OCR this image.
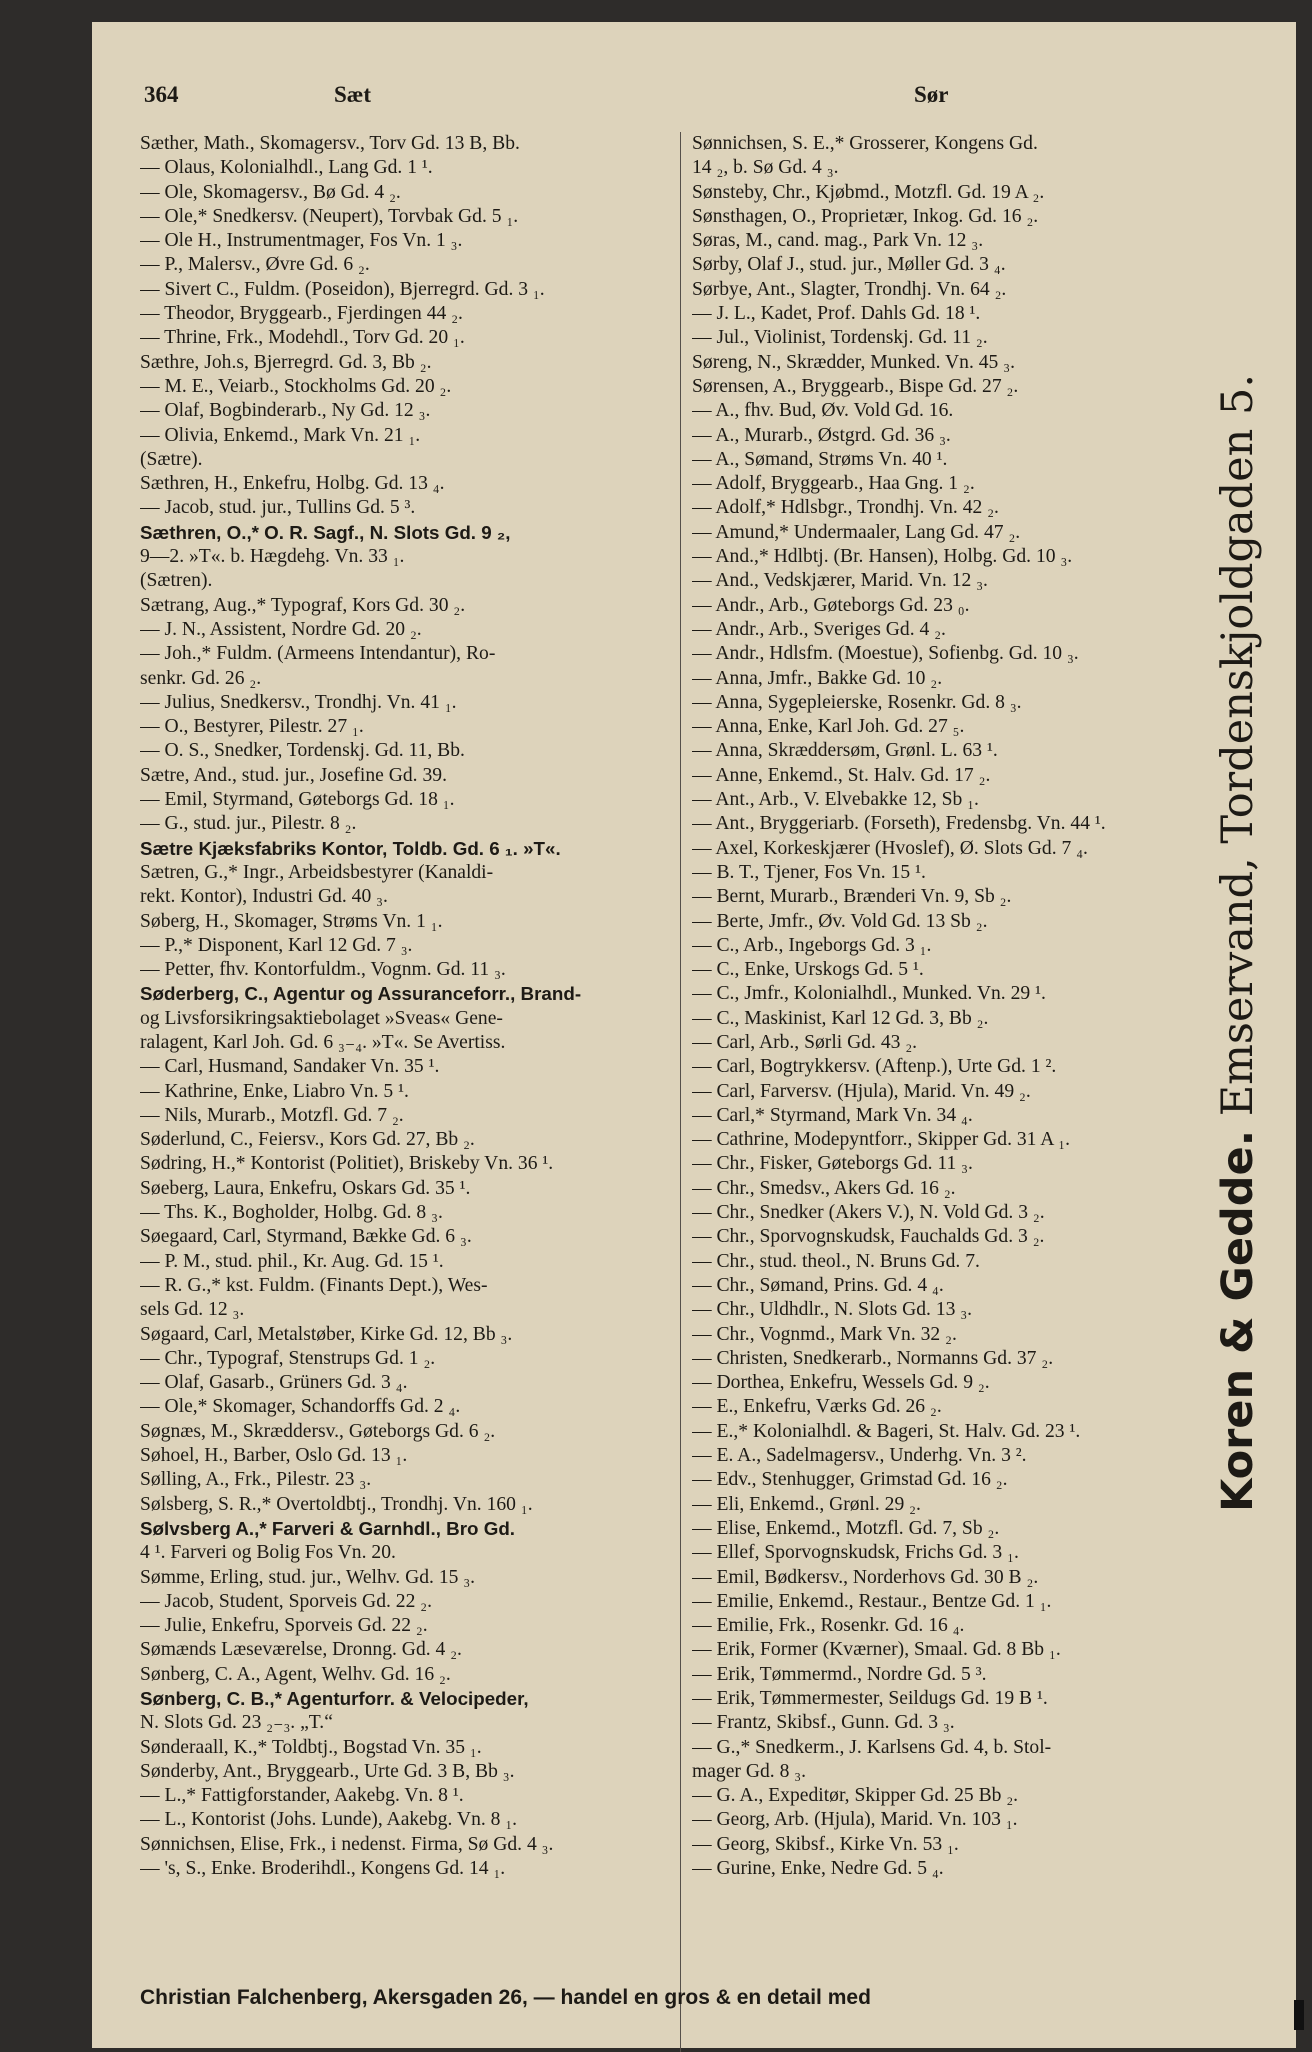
364	Sæt	Sør
Sæther, Math., Skomagersv., Torv Gd. 13 B, Bb.
— Olaus, Kolonialhdl., Lang Gd. 1 ¹.
— Ole, Skomagersv., Bø Gd. 4 ₂.
— Ole,* Snedkersv. (Neupert), Torvbak Gd. 5 ₁.
— Ole H., Instrumentmager, Fos Vn. 1 ₃.
— P., Malersv., Øvre Gd. 6 ₂.
— Sivert C., Fuldm. (Poseidon), Bjerregrd. Gd. 3 ₁.
— Theodor, Bryggearb., Fjerdingen 44 ₂.
— Thrine, Frk., Modehdl., Torv Gd. 20 ₁.
Sæthre, Joh.s, Bjerregrd. Gd. 3, Bb ₂.
— M. E., Veiarb., Stockholms Gd. 20 ₂.
— Olaf, Bogbinderarb., Ny Gd. 12 ₃.
— Olivia, Enkemd., Mark Vn. 21 ₁.
(Sætre).
Sæthren, H., Enkefru, Holbg. Gd. 13 ₄.
— Jacob, stud. jur., Tullins Gd. 5 ³.
Sæthren, O.,* O. R. Sagf., N. Slots Gd. 9 ₂,
9—2. »T«. b. Hægdehg. Vn. 33 ₁.
(Sætren).
Sætrang, Aug.,* Typograf, Kors Gd. 30 ₂.
— J. N., Assistent, Nordre Gd. 20 ₂.
— Joh.,* Fuldm. (Armeens Intendantur), Ro-
senkr. Gd. 26 ₂.
— Julius, Snedkersv., Trondhj. Vn. 41 ₁.
— O., Bestyrer, Pilestr. 27 ₁.
— O. S., Snedker, Tordenskj. Gd. 11, Bb.
Sætre, And., stud. jur., Josefine Gd. 39.
— Emil, Styrmand, Gøteborgs Gd. 18 ₁.
— G., stud. jur., Pilestr. 8 ₂.
Sætre Kjæksfabriks Kontor, Toldb. Gd. 6 ₁. »T«.
Sætren, G.,* Ingr., Arbeidsbestyrer (Kanaldi-
rekt. Kontor), Industri Gd. 40 ₃.
Søberg, H., Skomager, Strøms Vn. 1 ₁.
— P.,* Disponent, Karl 12 Gd. 7 ₃.
— Petter, fhv. Kontorfuldm., Vognm. Gd. 11 ₃.
Søderberg, C., Agentur og Assuranceforr., Brand-
og Livsforsikringsaktiebolaget »Sveas« Gene-
ralagent, Karl Joh. Gd. 6 ₃₋₄. »T«. Se Avertiss.
— Carl, Husmand, Sandaker Vn. 35 ¹.
— Kathrine, Enke, Liabro Vn. 5 ¹.
— Nils, Murarb., Motzfl. Gd. 7 ₂.
Søderlund, C., Feiersv., Kors Gd. 27, Bb ₂.
Sødring, H.,* Kontorist (Politiet), Briskeby Vn. 36 ¹.
Søeberg, Laura, Enkefru, Oskars Gd. 35 ¹.
— Ths. K., Bogholder, Holbg. Gd. 8 ₃.
Søegaard, Carl, Styrmand, Bække Gd. 6 ₃.
— P. M., stud. phil., Kr. Aug. Gd. 15 ¹.
— R. G.,* kst. Fuldm. (Finants Dept.), Wes-
sels Gd. 12 ₃.
Søgaard, Carl, Metalstøber, Kirke Gd. 12, Bb ₃.
— Chr., Typograf, Stenstrups Gd. 1 ₂.
— Olaf, Gasarb., Grüners Gd. 3 ₄.
— Ole,* Skomager, Schandorffs Gd. 2 ₄.
Søgnæs, M., Skræddersv., Gøteborgs Gd. 6 ₂.
Søhoel, H., Barber, Oslo Gd. 13 ₁.
Sølling, A., Frk., Pilestr. 23 ₃.
Sølsberg, S. R.,* Overtoldbtj., Trondhj. Vn. 160 ₁.
Sølvsberg A.,* Farveri & Garnhdl., Bro Gd.
4 ¹. Farveri og Bolig Fos Vn. 20.
Sømme, Erling, stud. jur., Welhv. Gd. 15 ₃.
— Jacob, Student, Sporveis Gd. 22 ₂.
— Julie, Enkefru, Sporveis Gd. 22 ₂.
Sømænds Læseværelse, Dronng. Gd. 4 ₂.
Sønberg, C. A., Agent, Welhv. Gd. 16 ₂.
Sønberg, C. B.,* Agenturforr. & Velocipeder,
N. Slots Gd. 23 ₂₋₃. „T.“
Sønderaall, K.,* Toldbtj., Bogstad Vn. 35 ₁.
Sønderby, Ant., Bryggearb., Urte Gd. 3 B, Bb ₃.
— L.,* Fattigforstander, Aakebg. Vn. 8 ¹.
— L., Kontorist (Johs. Lunde), Aakebg. Vn. 8 ₁.
Sønnichsen, Elise, Frk., i nedenst. Firma, Sø Gd. 4 ₃.
— 's, S., Enke. Broderihdl., Kongens Gd. 14 ₁.
Sønnichsen, S. E.,* Grosserer, Kongens Gd.
14 ₂, b. Sø Gd. 4 ₃.
Sønsteby, Chr., Kjøbmd., Motzfl. Gd. 19 A ₂.
Sønsthagen, O., Proprietær, Inkog. Gd. 16 ₂.
Søras, M., cand. mag., Park Vn. 12 ₃.
Sørby, Olaf J., stud. jur., Møller Gd. 3 ₄.
Sørbye, Ant., Slagter, Trondhj. Vn. 64 ₂.
— J. L., Kadet, Prof. Dahls Gd. 18 ¹.
— Jul., Violinist, Tordenskj. Gd. 11 ₂.
Søreng, N., Skrædder, Munked. Vn. 45 ₃.
Sørensen, A., Bryggearb., Bispe Gd. 27 ₂.
— A., fhv. Bud, Øv. Vold Gd. 16.
— A., Murarb., Østgrd. Gd. 36 ₃.
— A., Sømand, Strøms Vn. 40 ¹.
— Adolf, Bryggearb., Haa Gng. 1 ₂.
— Adolf,* Hdlsbgr., Trondhj. Vn. 42 ₂.
— Amund,* Undermaaler, Lang Gd. 47 ₂.
— And.,* Hdlbtj. (Br. Hansen), Holbg. Gd. 10 ₃.
— And., Vedskjærer, Marid. Vn. 12 ₃.
— Andr., Arb., Gøteborgs Gd. 23 ₀.
— Andr., Arb., Sveriges Gd. 4 ₂.
— Andr., Hdlsfm. (Moestue), Sofienbg. Gd. 10 ₃.
— Anna, Jmfr., Bakke Gd. 10 ₂.
— Anna, Sygepleierske, Rosenkr. Gd. 8 ₃.
— Anna, Enke, Karl Joh. Gd. 27 ₅.
— Anna, Skræddersøm, Grønl. L. 63 ¹.
— Anne, Enkemd., St. Halv. Gd. 17 ₂.
— Ant., Arb., V. Elvebakke 12, Sb ₁.
— Ant., Bryggeriarb. (Forseth), Fredensbg. Vn. 44 ¹.
— Axel, Korkeskjærer (Hvoslef), Ø. Slots Gd. 7 ₄.
— B. T., Tjener, Fos Vn. 15 ¹.
— Bernt, Murarb., Brænderi Vn. 9, Sb ₂.
— Berte, Jmfr., Øv. Vold Gd. 13 Sb ₂.
— C., Arb., Ingeborgs Gd. 3 ₁.
— C., Enke, Urskogs Gd. 5 ¹.
— C., Jmfr., Kolonialhdl., Munked. Vn. 29 ¹.
— C., Maskinist, Karl 12 Gd. 3, Bb ₂.
— Carl, Arb., Sørli Gd. 43 ₂.
— Carl, Bogtrykkersv. (Aftenp.), Urte Gd. 1 ².
— Carl, Farversv. (Hjula), Marid. Vn. 49 ₂.
— Carl,* Styrmand, Mark Vn. 34 ₄.
— Cathrine, Modepyntforr., Skipper Gd. 31 A ₁.
— Chr., Fisker, Gøteborgs Gd. 11 ₃.
— Chr., Smedsv., Akers Gd. 16 ₂.
— Chr., Snedker (Akers V.), N. Vold Gd. 3 ₂.
— Chr., Sporvognskudsk, Fauchalds Gd. 3 ₂.
— Chr., stud. theol., N. Bruns Gd. 7.
— Chr., Sømand, Prins. Gd. 4 ₄.
— Chr., Uldhdlr., N. Slots Gd. 13 ₃.
— Chr., Vognmd., Mark Vn. 32 ₂.
— Christen, Snedkerarb., Normanns Gd. 37 ₂.
— Dorthea, Enkefru, Wessels Gd. 9 ₂.
— E., Enkefru, Værks Gd. 26 ₂.
— E.,* Kolonialhdl. & Bageri, St. Halv. Gd. 23 ¹.
— E. A., Sadelmagersv., Underhg. Vn. 3 ².
— Edv., Stenhugger, Grimstad Gd. 16 ₂.
— Eli, Enkemd., Grønl. 29 ₂.
— Elise, Enkemd., Motzfl. Gd. 7, Sb ₂.
— Ellef, Sporvognskudsk, Frichs Gd. 3 ₁.
— Emil, Bødkersv., Norderhovs Gd. 30 B ₂.
— Emilie, Enkemd., Restaur., Bentze Gd. 1 ₁.
— Emilie, Frk., Rosenkr. Gd. 16 ₄.
— Erik, Former (Kværner), Smaal. Gd. 8 Bb ₁.
— Erik, Tømmermd., Nordre Gd. 5 ³.
— Erik, Tømmermester, Seildugs Gd. 19 B ¹.
— Frantz, Skibsf., Gunn. Gd. 3 ₃.
— G.,* Snedkerm., J. Karlsens Gd. 4, b. Stol-
mager Gd. 8 ₃.
— G. A., Expeditør, Skipper Gd. 25 Bb ₂.
— Georg, Arb. (Hjula), Marid. Vn. 103 ₁.
— Georg, Skibsf., Kirke Vn. 53 ₁.
— Gurine, Enke, Nedre Gd. 5 ₄.
Koren & Gedde. Emservand, Tordenskjoldgaden 5.
Christian Falchenberg, Akersgaden 26, — handel en gros & en detail med
